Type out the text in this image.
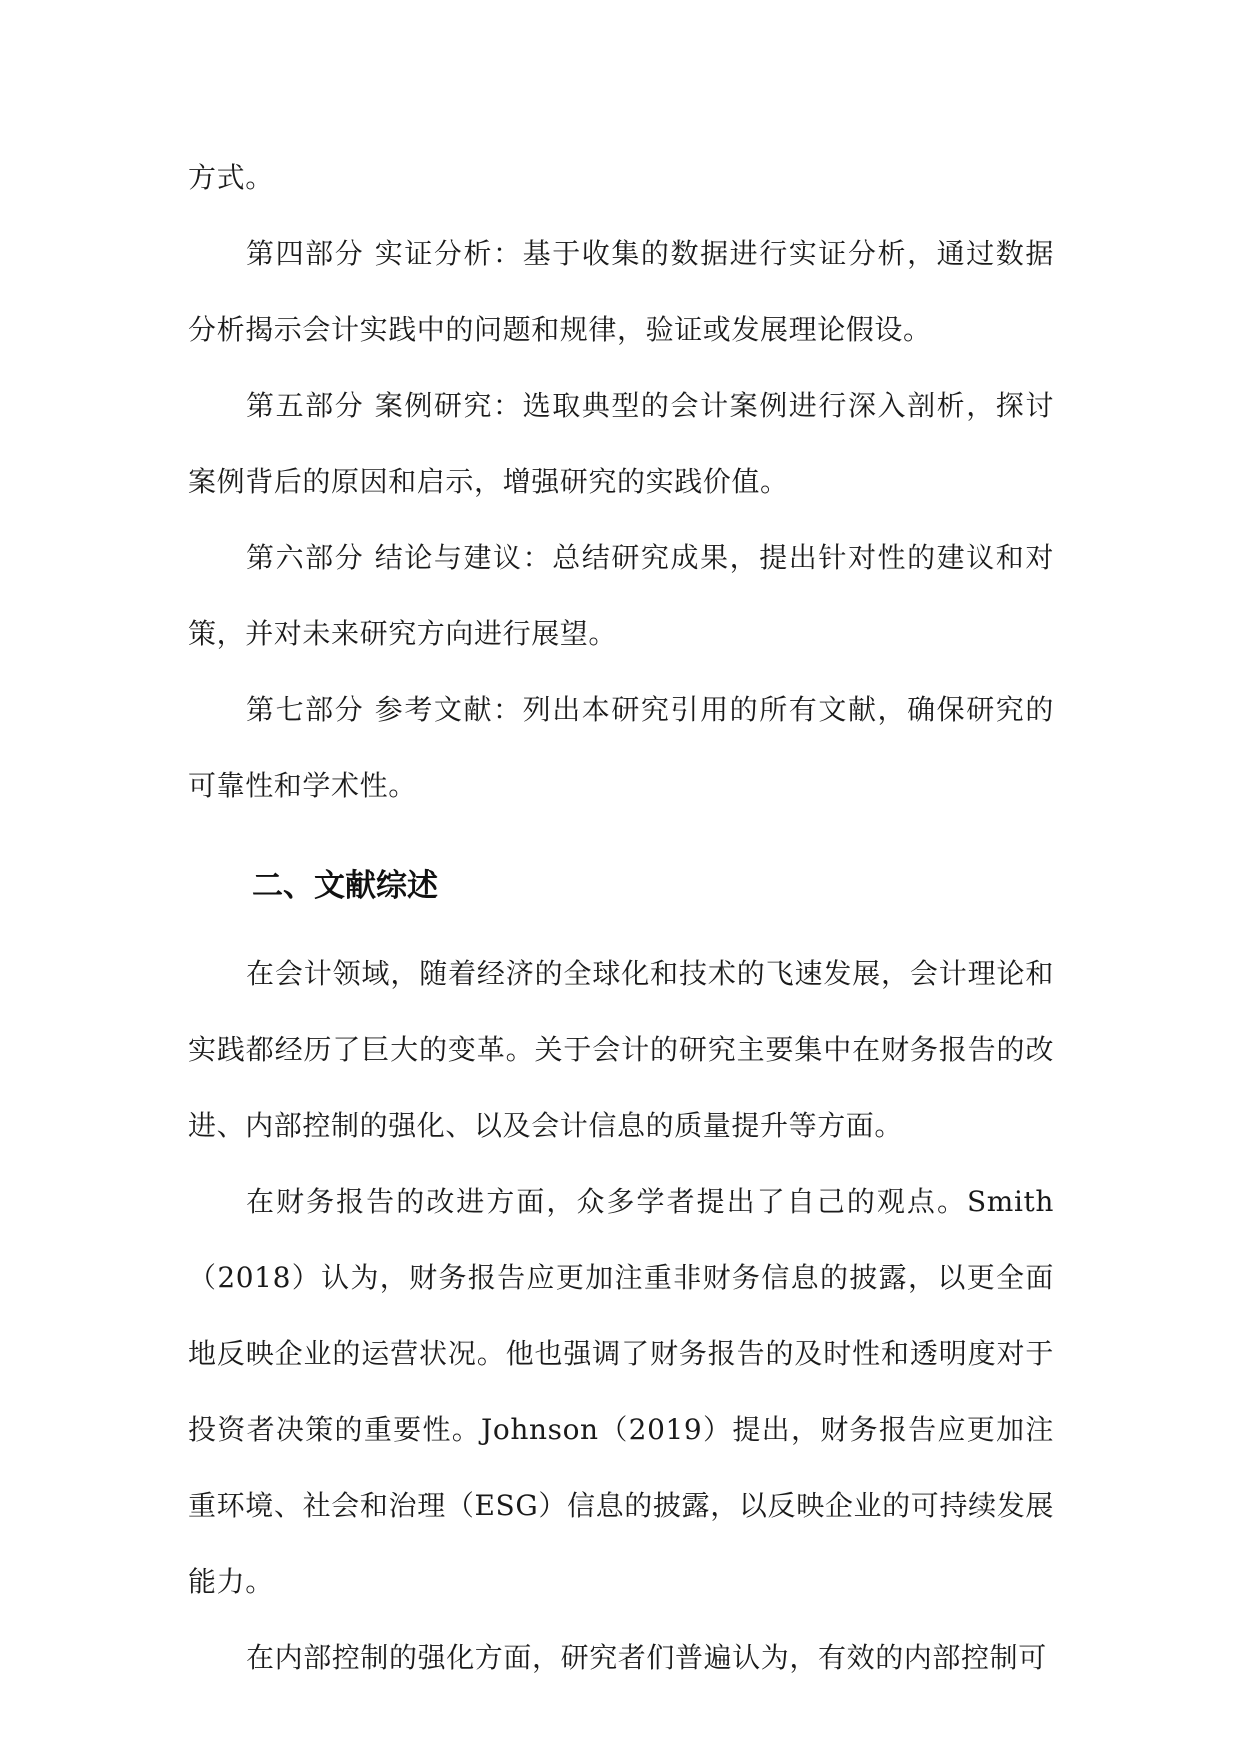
方式。

第四部分 实证分析：基于收集的数据进行实证分析，通过数据分析揭示会计实践中的问题和规律，验证或发展理论假设。

第五部分 案例研究：选取典型的会计案例进行深入剖析，探讨案例背后的原因和启示，增强研究的实践价值。

第六部分 结论与建议：总结研究成果，提出针对性的建议和对策，并对未来研究方向进行展望。

第七部分 参考文献：列出本研究引用的所有文献，确保研究的可靠性和学术性。

二、文献综述

在会计领域，随着经济的全球化和技术的飞速发展，会计理论和实践都经历了巨大的变革。关于会计的研究主要集中在财务报告的改进、内部控制的强化、以及会计信息的质量提升等方面。

在财务报告的改进方面，众多学者提出了自己的观点。Smith（2018）认为，财务报告应更加注重非财务信息的披露，以更全面地反映企业的运营状况。他也强调了财务报告的及时性和透明度对于投资者决策的重要性。Johnson（2019）提出，财务报告应更加注重环境、社会和治理（ESG）信息的披露，以反映企业的可持续发展能力。

在内部控制的强化方面，研究者们普遍认为，有效的内部控制可
